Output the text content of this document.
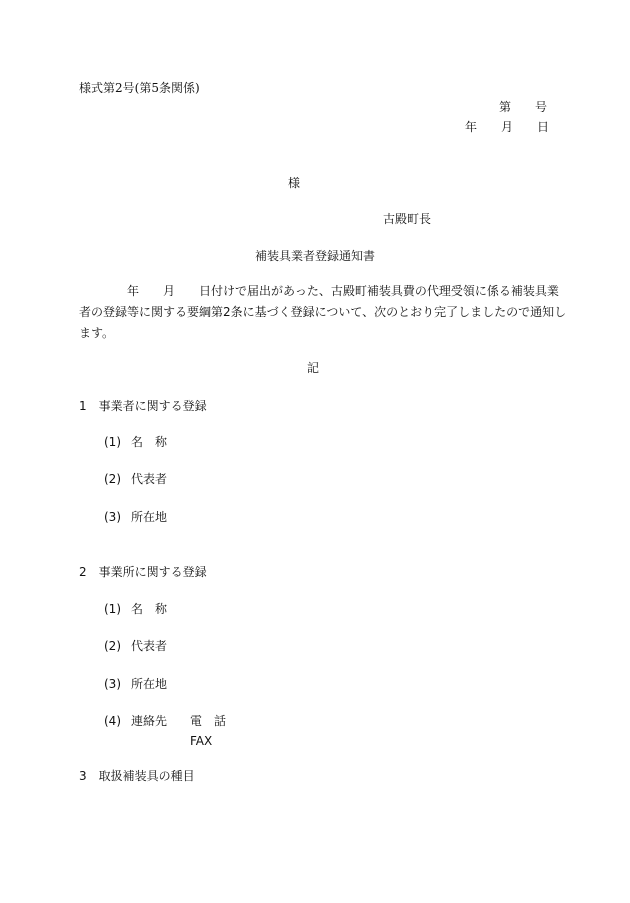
様式第2号(第5条関係)
第　　号
年　　月　　日
様
古殿町長
補装具業者登録通知書
　　　　年　　月　　日付けで届出があった、古殿町補装具費の代理受領に係る補装具業
者の登録等に関する要綱第2条に基づく登録について、次のとおり完了しましたので通知し
ます。
記
1　事業者に関する登録
(1) 名　称
(2) 代表者
(3) 所在地
2　事業所に関する登録
(1) 名　称
(2) 代表者
(3) 所在地
(4) 連絡先 電　話
FAX
3　取扱補装具の種目
